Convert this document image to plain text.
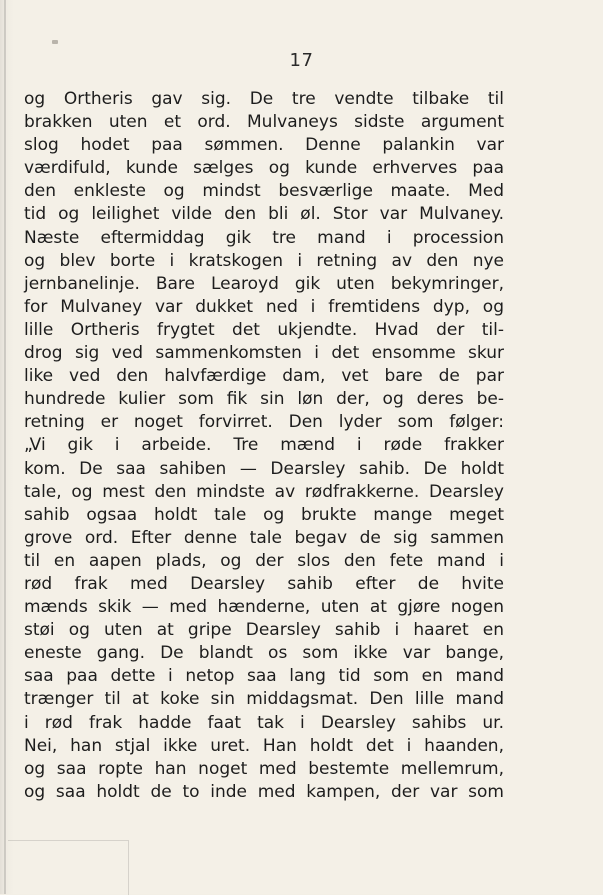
17
og Ortheris gav sig. De tre vendte tilbake til
brakken uten et ord. Mulvaneys sidste argument
slog hodet paa sømmen. Denne palankin var
værdifuld, kunde sælges og kunde erhverves paa
den enkleste og mindst besværlige maate. Med
tid og leilighet vilde den bli øl. Stor var Mulvaney.
Næste eftermiddag gik tre mand i procession
og blev borte i kratskogen i retning av den nye
jernbanelinje. Bare Learoyd gik uten bekymringer,
for Mulvaney var dukket ned i fremtidens dyp, og
lille Ortheris frygtet det ukjendte. Hvad der til-
drog sig ved sammenkomsten i det ensomme skur
like ved den halvfærdige dam, vet bare de par
hundrede kulier som fik sin løn der, og deres be-
retning er noget forvirret. Den lyder som følger:
„Vi gik i arbeide. Tre mænd i røde frakker
kom. De saa sahiben — Dearsley sahib. De holdt
tale, og mest den mindste av rødfrakkerne. Dearsley
sahib ogsaa holdt tale og brukte mange meget
grove ord. Efter denne tale begav de sig sammen
til en aapen plads, og der slos den fete mand i
rød frak med Dearsley sahib efter de hvite
mænds skik — med hænderne, uten at gjøre nogen
støi og uten at gripe Dearsley sahib i haaret en
eneste gang. De blandt os som ikke var bange,
saa paa dette i netop saa lang tid som en mand
trænger til at koke sin middagsmat. Den lille mand
i rød frak hadde faat tak i Dearsley sahibs ur.
Nei, han stjal ikke uret. Han holdt det i haanden,
og saa ropte han noget med bestemte mellemrum,
og saa holdt de to inde med kampen, der var som
